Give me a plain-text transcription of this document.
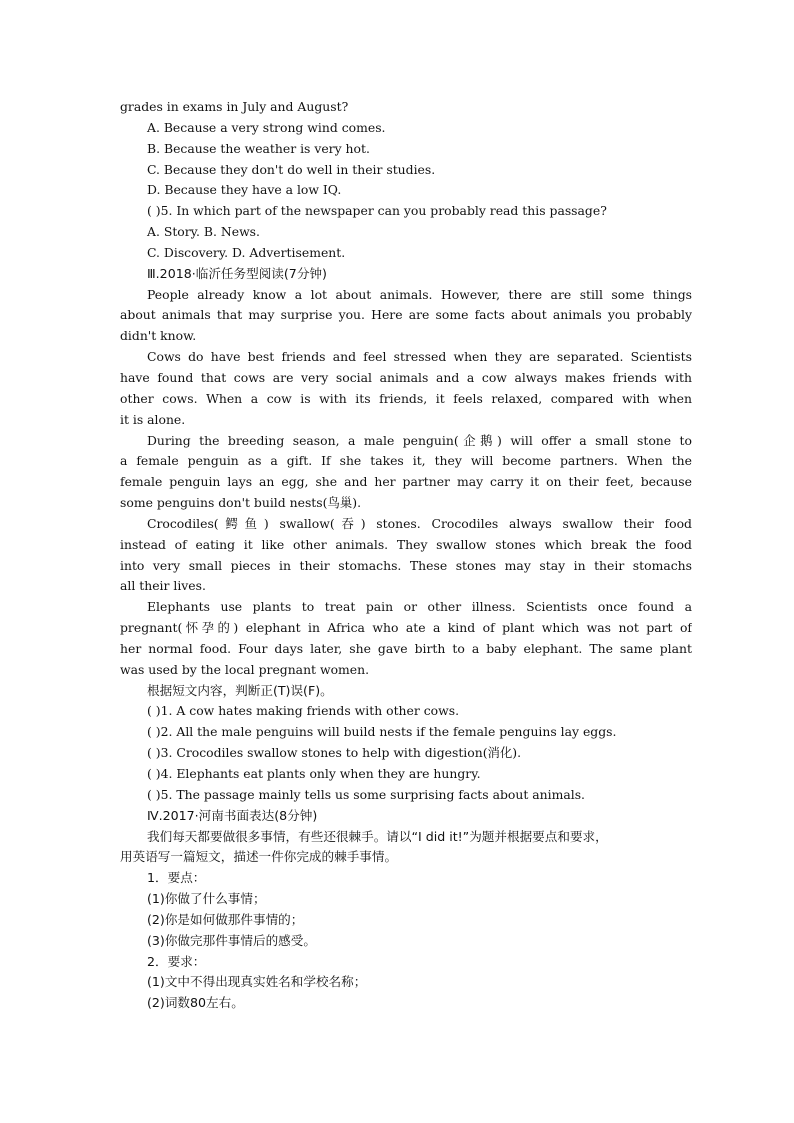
grades in exams in July and August?
A. Because a very strong wind comes.
B. Because the weather is very hot.
C. Because they don't do well in their studies.
D. Because they have a low IQ.
( )5. In which part of the newspaper can you probably read this passage?
A. Story. B. News.
C. Discovery. D. Advertisement.
Ⅲ.2018·临沂任务型阅读(7分钟)
People already know a lot about animals. However, there are still some things
about animals that may surprise you. Here are some facts about animals you probably
didn't know.
Cows do have best friends and feel stressed when they are separated. Scientists
have found that cows are very social animals and a cow always makes friends with
other cows. When a cow is with its friends, it feels relaxed, compared with when
it is alone.
During the breeding season, a male penguin(企鹅) will offer a small stone to
a female penguin as a gift. If she takes it, they will become partners. When the
female penguin lays an egg, she and her partner may carry it on their feet, because
some penguins don't build nests(鸟巢).
Crocodiles(鳄鱼) swallow(吞) stones. Crocodiles always swallow their food
instead of eating it like other animals. They swallow stones which break the food
into very small pieces in their stomachs. These stones may stay in their stomachs
all their lives.
Elephants use plants to treat pain or other illness. Scientists once found a
pregnant(怀孕的) elephant in Africa who ate a kind of plant which was not part of
her normal food. Four days later, she gave birth to a baby elephant. The same plant
was used by the local pregnant women.
根据短文内容，判断正(T)误(F)。
( )1. A cow hates making friends with other cows.
( )2. All the male penguins will build nests if the female penguins lay eggs.
( )3. Crocodiles swallow stones to help with digestion(消化).
( )4. Elephants eat plants only when they are hungry.
( )5. The passage mainly tells us some surprising facts about animals.
Ⅳ.2017·河南书面表达(8分钟)
我们每天都要做很多事情，有些还很棘手。请以“I did it!”为题并根据要点和要求，
用英语写一篇短文，描述一件你完成的棘手事情。
1．要点：
(1)你做了什么事情；
(2)你是如何做那件事情的；
(3)你做完那件事情后的感受。
2．要求：
(1)文中不得出现真实姓名和学校名称；
(2)词数80左右。
